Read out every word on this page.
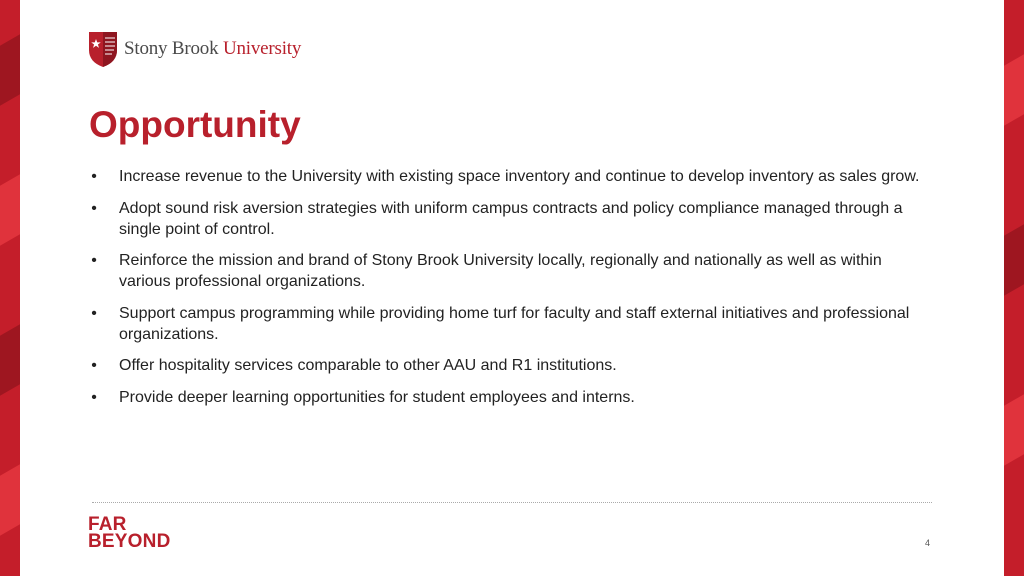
Stony Brook University
Opportunity
• Increase revenue to the University with existing space inventory and continue to develop inventory as sales grow.
• Adopt sound risk aversion strategies with uniform campus contracts and policy compliance managed through a single point of control.
• Reinforce the mission and brand of Stony Brook University locally, regionally and nationally as well as within various professional organizations.
• Support campus programming while providing home turf for faculty and staff external initiatives and professional organizations.
• Offer hospitality services comparable to other AAU and R1 institutions.
• Provide deeper learning opportunities for student employees and interns.
FAR
BEYOND	4
